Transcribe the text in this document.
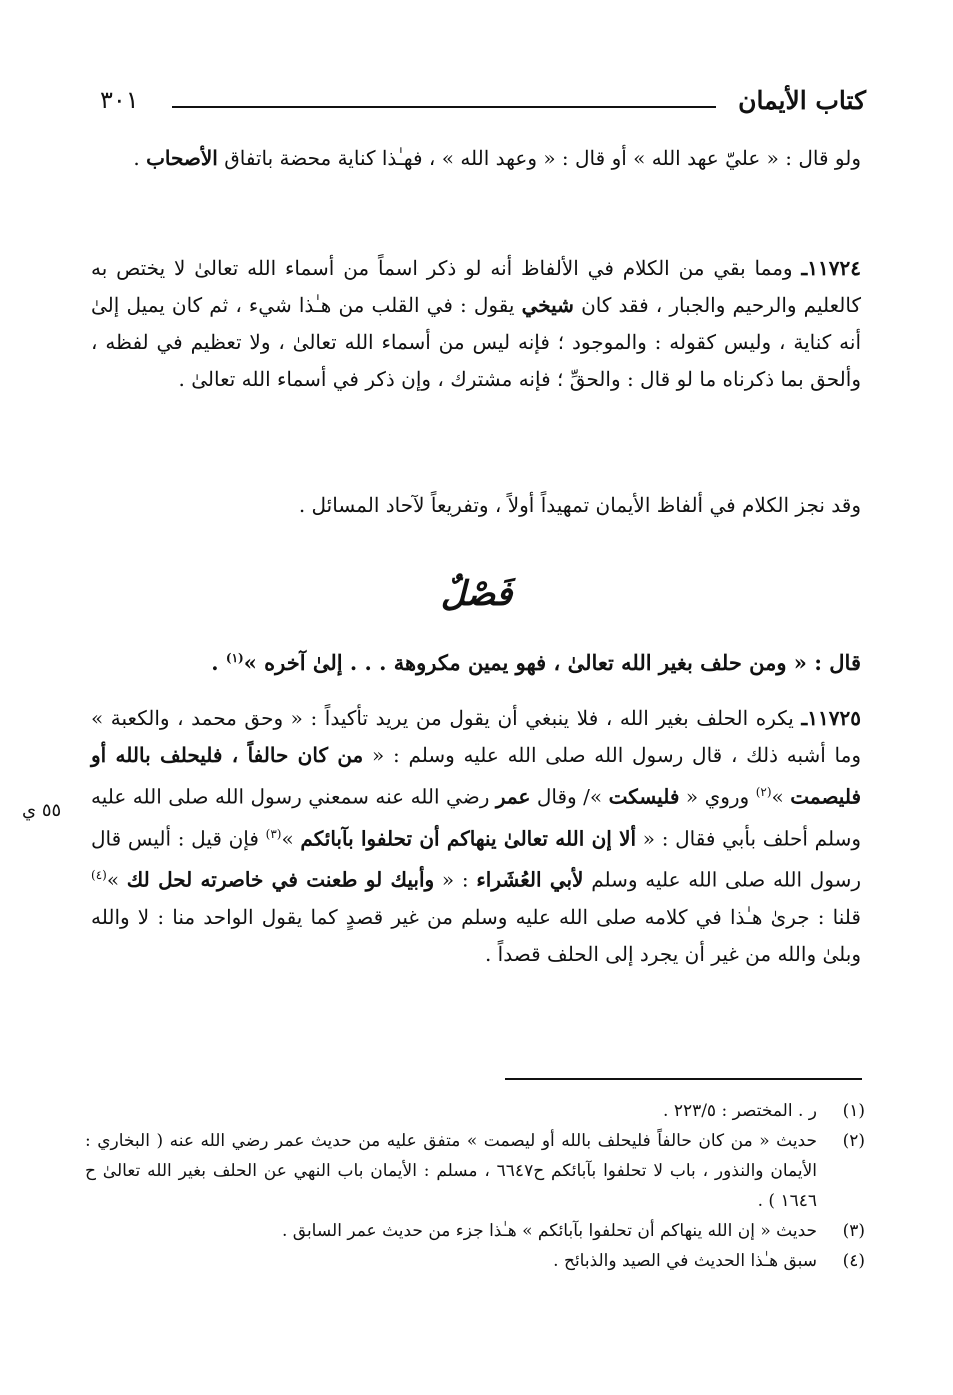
كتاب الأيمان
٣٠١
ولو قال : « عليّ عهد الله » أو قال : « وعهد الله » ، فهـٰذا كناية محضة باتفاق الأصحاب .
١١٧٢٤ـ ومما بقي من الكلام في الألفاظ أنه لو ذكر اسماً من أسماء الله تعالىٰ لا يختص به كالعليم والرحيم والجبار ، فقد كان شيخي يقول : في القلب من هـٰذا شيء ، ثم كان يميل إلىٰ أنه كناية ، وليس كقوله : والموجود ؛ فإنه ليس من أسماء الله تعالىٰ ، ولا تعظيم في لفظه ، وألحق بما ذكرناه ما لو قال : والحقِّ ؛ فإنه مشترك ، وإن ذكر في أسماء الله تعالىٰ .
وقد نجز الكلام في ألفاظ الأيمان تمهيداً أولاً ، وتفريعاً لآحاد المسائل .
فَصْلٌ
قال : « ومن حلف بغير الله تعالىٰ ، فهو يمين مكروهة . . . إلىٰ آخره »$^{(١)}$ .
١١٧٢٥ـ يكره الحلف بغير الله ، فلا ينبغي أن يقول من يريد تأكيداً : « وحق محمد ، والكعبة » وما أشبه ذلك ، قال رسول الله صلى الله عليه وسلم : « من كان حالفاً ، فليحلف بالله أو فليصمت »$^{(٢)}$ وروي « فليسكت »/ وقال عمر رضي الله عنه سمعني رسول الله صلى الله عليه وسلم أحلف بأبي فقال : « ألا إن الله تعالىٰ ينهاكم أن تحلفوا بآبائكم »$^{(٣)}$ فإن قيل : أليس قال رسول الله صلى الله عليه وسلم لأبي العُشَراء : « وأبيك لو طعنت في خاصرته لحل لك »$^{(٤)}$ قلنا : جرىٰ هـٰذا في كلامه صلى الله عليه وسلم من غير قصدٍ كما يقول الواحد منا : لا والله وبلىٰ والله من غير أن يجرد إلى الحلف قصداً .
٥٥ ي
(١)
ر . المختصر : ٢٢٣/٥ .
(٢)
حديث « من كان حالفاً فليحلف بالله أو ليصمت » متفق عليه من حديث عمر رضي الله عنه ( البخاري : الأيمان والنذور ، باب لا تحلفوا بآبائكم ح٦٦٤٧ ، مسلم : الأيمان باب النهي عن الحلف بغير الله تعالىٰ ح ١٦٤٦ ) .
(٣)
حديث « إن الله ينهاكم أن تحلفوا بآبائكم » هـٰذا جزء من حديث عمر السابق .
(٤)
سبق هـٰذا الحديث في الصيد والذبائح .
